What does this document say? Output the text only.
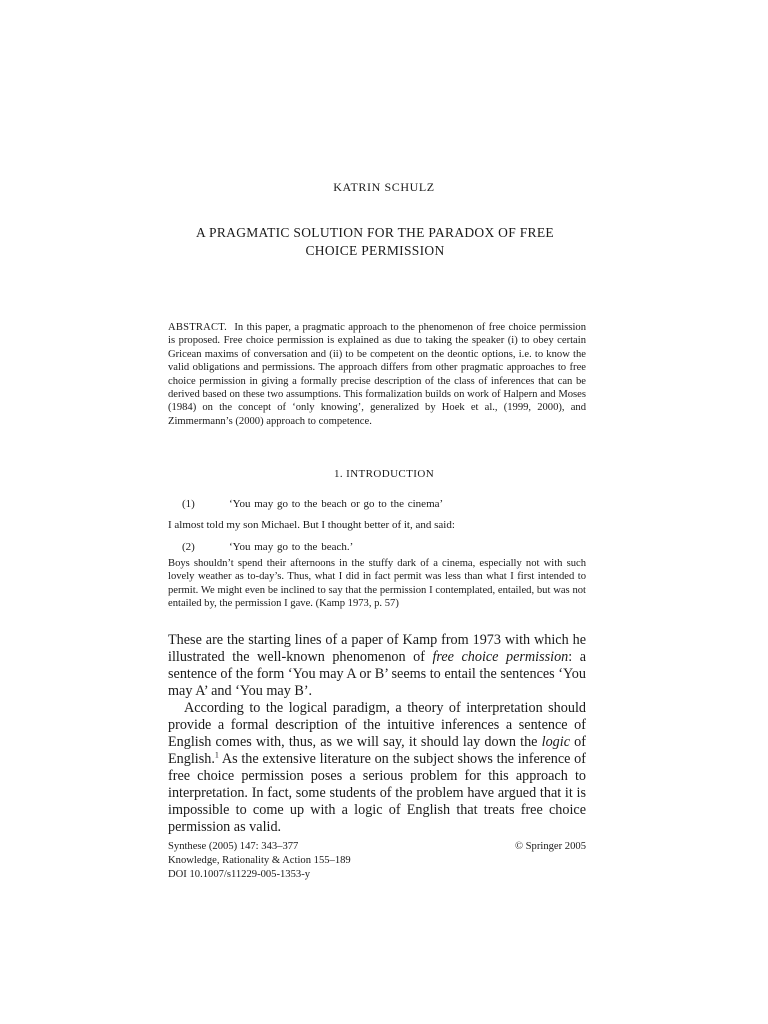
KATRIN SCHULZ
A PRAGMATIC SOLUTION FOR THE PARADOX OF FREE
CHOICE PERMISSION
ABSTRACT. In this paper, a pragmatic approach to the phenomenon of free choice permission is proposed. Free choice permission is explained as due to taking the speaker (i) to obey certain Gricean maxims of conversation and (ii) to be competent on the deontic options, i.e. to know the valid obligations and permissions. The approach differs from other pragmatic approaches to free choice permission in giving a formally precise description of the class of inferences that can be derived based on these two assumptions. This formalization builds on work of Halpern and Moses (1984) on the concept of ‘only knowing’, generalized by Hoek et al., (1999, 2000), and Zimmermann’s (2000) approach to competence.
1. INTRODUCTION
(1)	‘You may go to the beach or go to the cinema’
I almost told my son Michael. But I thought better of it, and said:
(2)	‘You may go to the beach.’
Boys shouldn’t spend their afternoons in the stuffy dark of a cinema, especially not with such lovely weather as to-day’s. Thus, what I did in fact permit was less than what I first intended to permit. We might even be inclined to say that the permission I contemplated, entailed, but was not entailed by, the permission I gave. (Kamp 1973, p. 57)

These are the starting lines of a paper of Kamp from 1973 with which he illustrated the well-known phenomenon of free choice permission: a sentence of the form ‘You may A or B’ seems to entail the sentences ‘You may A’ and ‘You may B’.

According to the logical paradigm, a theory of interpretation should provide a formal description of the intuitive inferences a sentence of English comes with, thus, as we will say, it should lay down the logic of English.$^1$ As the extensive literature on the subject shows the inference of free choice permission poses a serious problem for this approach to interpretation. In fact, some students of the problem have argued that it is impossible to come up with a logic of English that treats free choice permission as valid.

Synthese (2005) 147: 343–377
Knowledge, Rationality & Action 155–189
DOI 10.1007/s11229-005-1353-y
© Springer 2005
